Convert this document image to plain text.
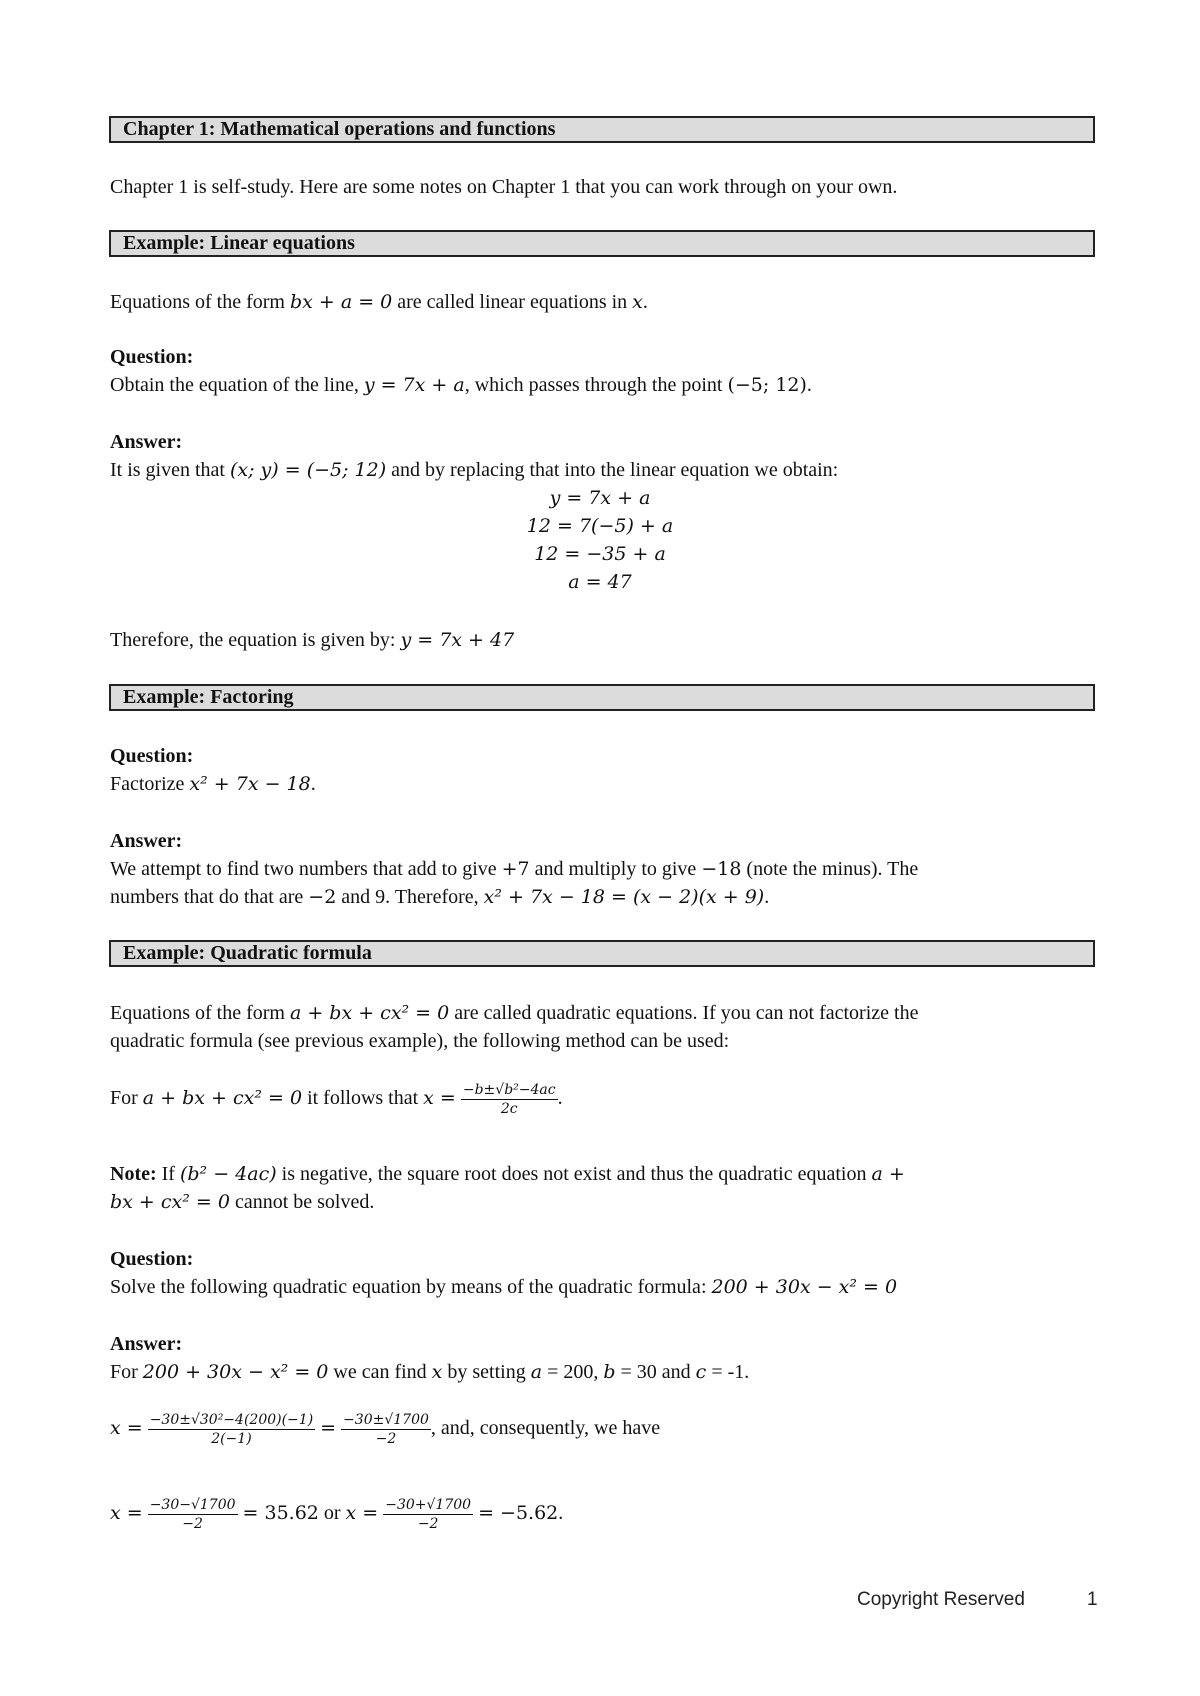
Chapter 1: Mathematical operations and functions
Chapter 1 is self-study. Here are some notes on Chapter 1 that you can work through on your own.
Example: Linear equations
Equations of the form bx + a = 0 are called linear equations in x.
Question:
Obtain the equation of the line, y = 7x + a, which passes through the point (−5; 12).
Answer:
It is given that (x; y) = (−5; 12) and by replacing that into the linear equation we obtain:
y = 7x + a
12 = 7(−5) + a
12 = −35 + a
a = 47
Therefore, the equation is given by: y = 7x + 47
Example: Factoring
Question:
Factorize x² + 7x − 18.
Answer:
We attempt to find two numbers that add to give +7 and multiply to give −18 (note the minus). The
numbers that do that are −2 and 9. Therefore, x² + 7x − 18 = (x − 2)(x + 9).
Example: Quadratic formula
Equations of the form a + bx + cx² = 0 are called quadratic equations. If you can not factorize the
quadratic formula (see previous example), the following method can be used:
For a + bx + cx² = 0 it follows that $x = \frac{\text{−b±√b²−4ac}}{2c}$ .
Note: If (b² − 4ac) is negative, the square root does not exist and thus the quadratic equation a +
bx + cx² = 0 cannot be solved.
Question:
Solve the following quadratic equation by means of the quadratic formula: 200 + 30x − x² = 0
Answer:
For 200 + 30x − x² = 0 we can find x by setting a = 200, b = 30 and c = -1.
$x = \frac{\text{−30±√30²−4(200)(−1)}}{2(-1)} = \frac{-30\pm√1700}{-2}$ , and, consequently, we have
$x = \frac{-30-√1700}{-2} = 35.62$ or $x = \frac{-30+√1700}{-2} = -5.62$.
Copyright Reserved	1
